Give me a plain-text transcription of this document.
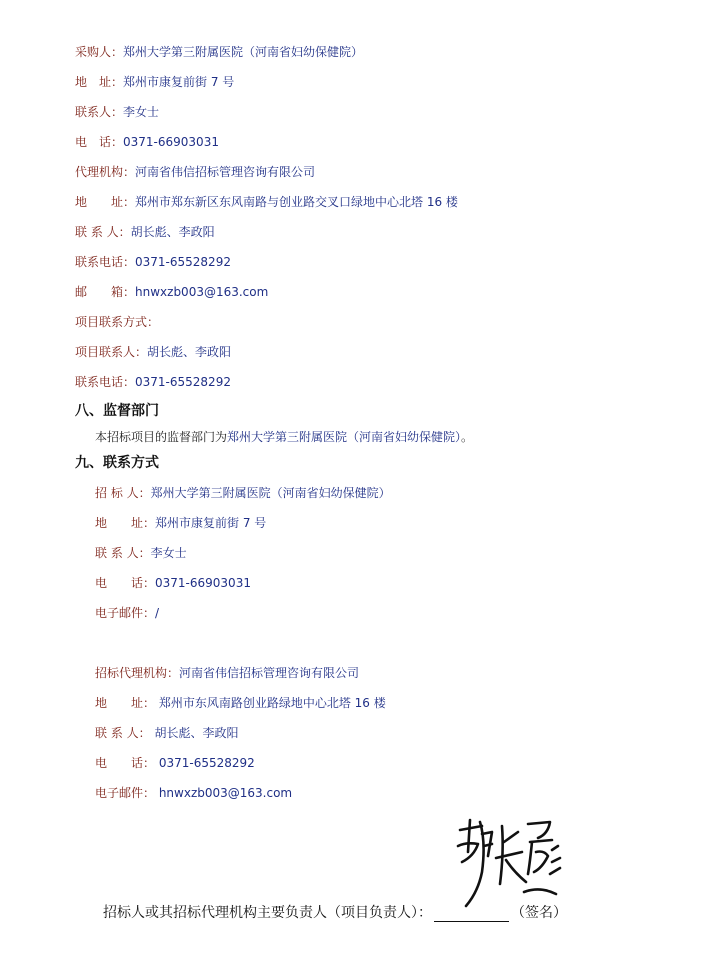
采购人：郑州大学第三附属医院（河南省妇幼保健院）
地　址：郑州市康复前街 7 号
联系人：李女士
电　话：0371-66903031
代理机构：河南省伟信招标管理咨询有限公司
地　　址：郑州市郑东新区东风南路与创业路交叉口绿地中心北塔 16 楼
联 系 人：胡长彪、李政阳
联系电话：0371-65528292
邮　　箱：hnwxzb003@163.com
项目联系方式：
项目联系人：胡长彪、李政阳
联系电话：0371-65528292
八、监督部门
本招标项目的监督部门为郑州大学第三附属医院（河南省妇幼保健院）。
九、联系方式
招 标 人：郑州大学第三附属医院（河南省妇幼保健院）
地　　址：郑州市康复前街 7 号
联 系 人：李女士
电　　话：0371-66903031
电子邮件：/
招标代理机构：河南省伟信招标管理咨询有限公司
地　　址： 郑州市东风南路创业路绿地中心北塔 16 楼
联 系 人： 胡长彪、李政阳
电　　话： 0371-65528292
电子邮件： hnwxzb003@163.com
招标人或其招标代理机构主要负责人（项目负责人）：	（签名）
